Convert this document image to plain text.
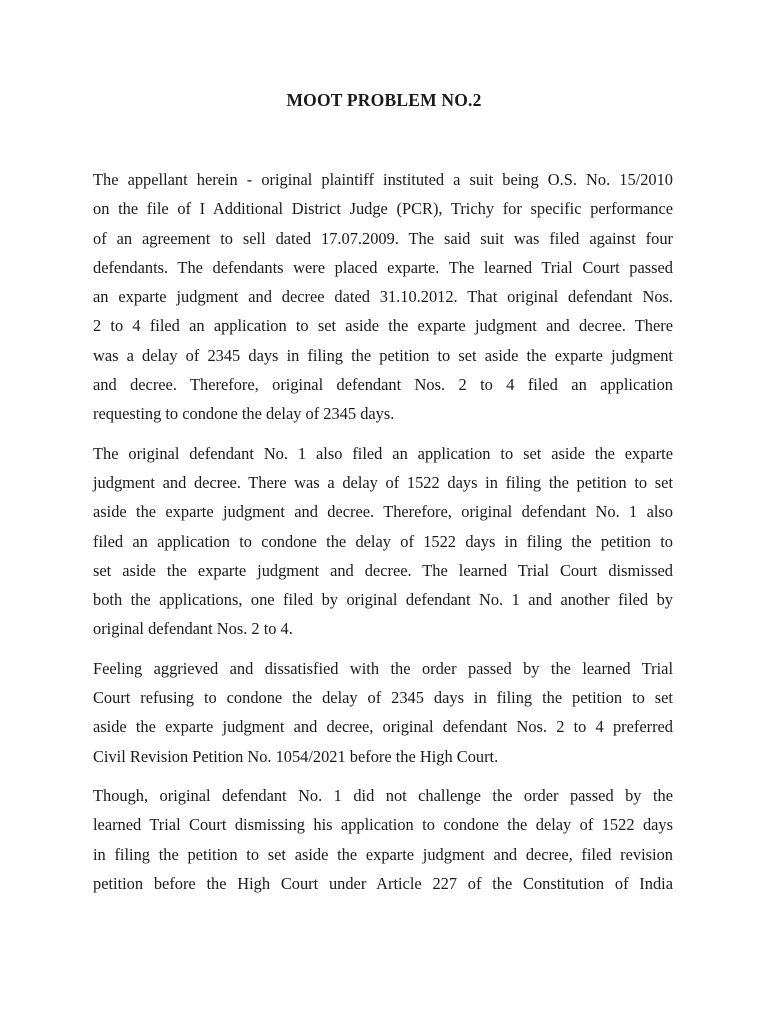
MOOT PROBLEM NO.2

The appellant herein - original plaintiff instituted a suit being O.S. No. 15/2010
on the file of I Additional District Judge (PCR), Trichy for specific performance
of an agreement to sell dated 17.07.2009. The said suit was filed against four
defendants. The defendants were placed exparte. The learned Trial Court passed
an exparte judgment and decree dated 31.10.2012. That original defendant Nos.
2 to 4 filed an application to set aside the exparte judgment and decree. There
was a delay of 2345 days in filing the petition to set aside the exparte judgment
and decree. Therefore, original defendant Nos. 2 to 4 filed an application
requesting to condone the delay of 2345 days.

The original defendant No. 1 also filed an application to set aside the exparte
judgment and decree. There was a delay of 1522 days in filing the petition to set
aside the exparte judgment and decree. Therefore, original defendant No. 1 also
filed an application to condone the delay of 1522 days in filing the petition to
set aside the exparte judgment and decree. The learned Trial Court dismissed
both the applications, one filed by original defendant No. 1 and another filed by
original defendant Nos. 2 to 4.

Feeling aggrieved and dissatisfied with the order passed by the learned Trial
Court refusing to condone the delay of 2345 days in filing the petition to set
aside the exparte judgment and decree, original defendant Nos. 2 to 4 preferred
Civil Revision Petition No. 1054/2021 before the High Court.

Though, original defendant No. 1 did not challenge the order passed by the
learned Trial Court dismissing his application to condone the delay of 1522 days
in filing the petition to set aside the exparte judgment and decree, filed revision
petition before the High Court under Article 227 of the Constitution of India
